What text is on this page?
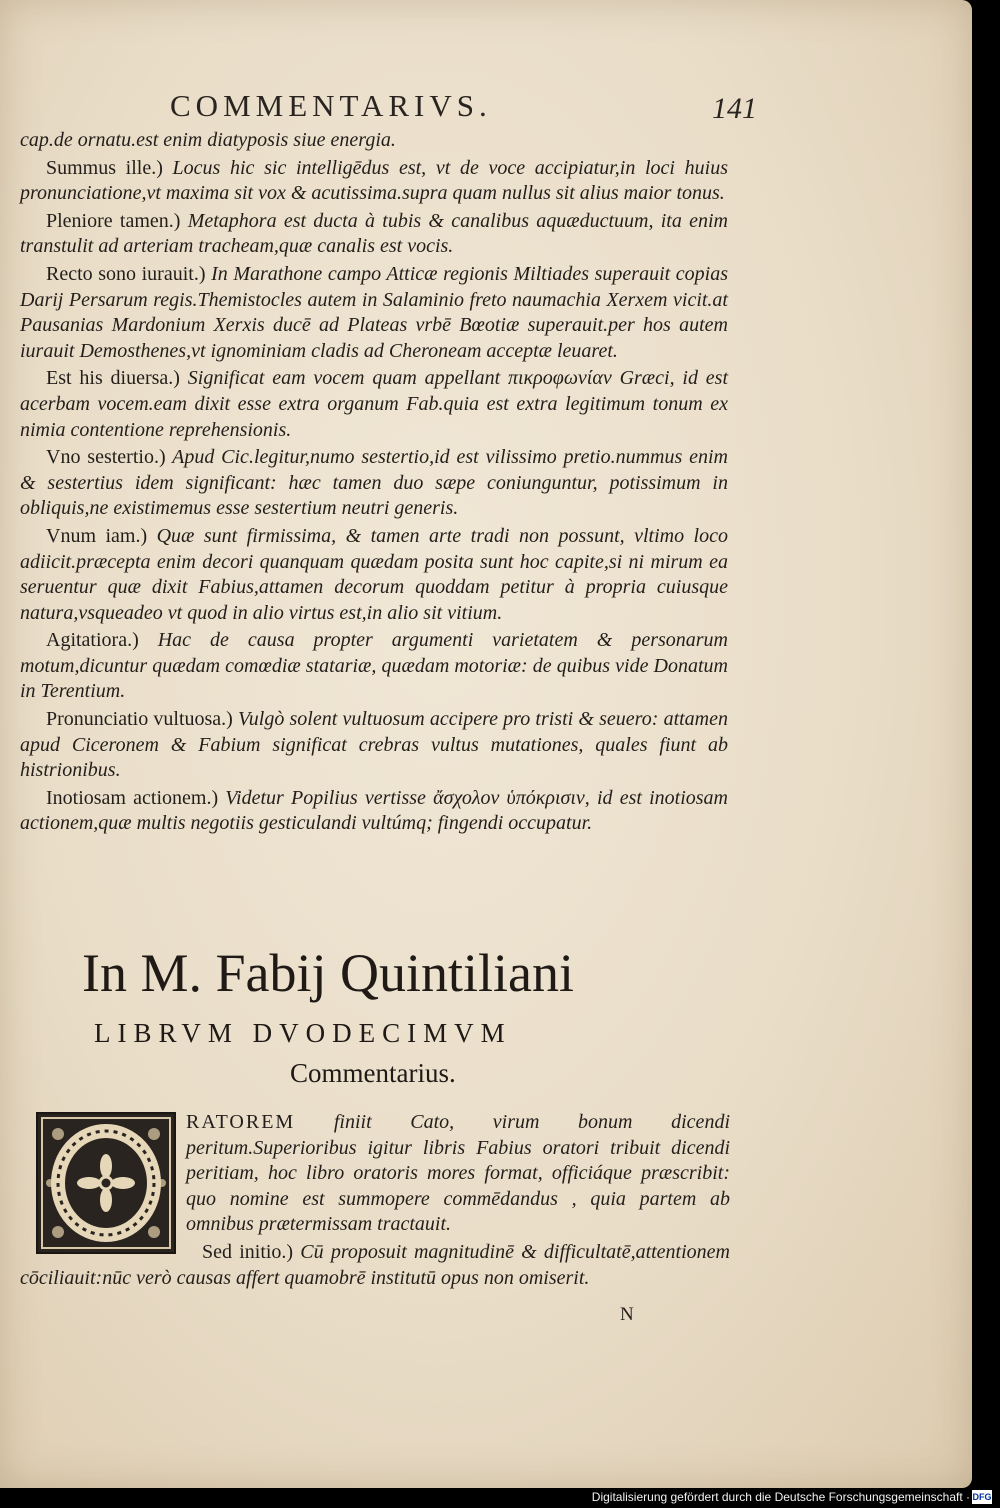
COMMENTARIVS.	141

cap.de ornatu.est enim diatyposis siue energia.

Summus ille.) Locus hic sic intelligēdus est, vt de voce accipiatur,in loci huius pronunciatione,vt maxima sit vox & acutissima.supra quam nullus sit alius maior tonus.

Pleniore tamen.) Metaphora est ducta à tubis & canalibus aquæductuum, ita enim transtulit ad arteriam tracheam,quæ canalis est vocis.

Recto sono iurauit.) In Marathone campo Atticæ regionis Miltiades superauit copias Darij Persarum regis.Themistocles autem in Salaminio freto naumachia Xerxem vicit.at Pausanias Mardonium Xerxis ducē ad Plateas vrbē Bœotiæ superauit.per hos autem iurauit Demosthenes,vt ignominiam cladis ad Cheroneam acceptæ leuaret.

Est his diuersa.) Significat eam vocem quam appellant πικροφωνίαν Græci, id est acerbam vocem.eam dixit esse extra organum Fab.quia est extra legitimum tonum ex nimia contentione reprehensionis.

Vno sestertio.) Apud Cic.legitur,numo sestertio,id est vilissimo pretio.nummus enim & sestertius idem significant: hæc tamen duo sæpe coniunguntur, potissimum in obliquis,ne existimemus esse sestertium neutri generis.

Vnum iam.) Quæ sunt firmissima, & tamen arte tradi non possunt, vltimo loco adiicit.præcepta enim decori quanquam quædam posita sunt hoc capite,si ni mirum ea seruentur quæ dixit Fabius,attamen decorum quoddam petitur à propria cuiusque natura,vsqueadeo vt quod in alio virtus est,in alio sit vitium.

Agitatiora.) Hac de causa propter argumenti varietatem & personarum motum,dicuntur quædam comœdiæ statariæ, quædam motoriæ: de quibus vide Donatum in Terentium.

Pronunciatio vultuosa.) Vulgò solent vultuosum accipere pro tristi & seuero: attamen apud Ciceronem & Fabium significat crebras vultus mutationes, quales fiunt ab histrionibus.

Inotiosam actionem.) Videtur Popilius vertisse ἄσχολον ὑπόκρισιν, id est inotiosam actionem,quæ multis negotiis gesticulandi vultúmq; fingendi occupatur.

In M. Fabij Quintiliani
LIBRVM DVODECIMVM
Commentarius.

RATOREM finiit Cato, virum bonum dicendi peritum.Superioribus igitur libris Fabius oratori tribuit dicendi peritiam, hoc libro oratoris mores format, officiáque præscribit: quo nomine est summopere commēdandus , quia partem ab omnibus prætermissam tractauit.

Sed initio.) Cū proposuit magnitudinē & difficultatē,attentionem cōciliauit:nūc verò causas affert quamobrē institutū opus non omiserit.
N
Digitalisierung gefördert durch die Deutsche Forschungsgemeinschaft · DFG
